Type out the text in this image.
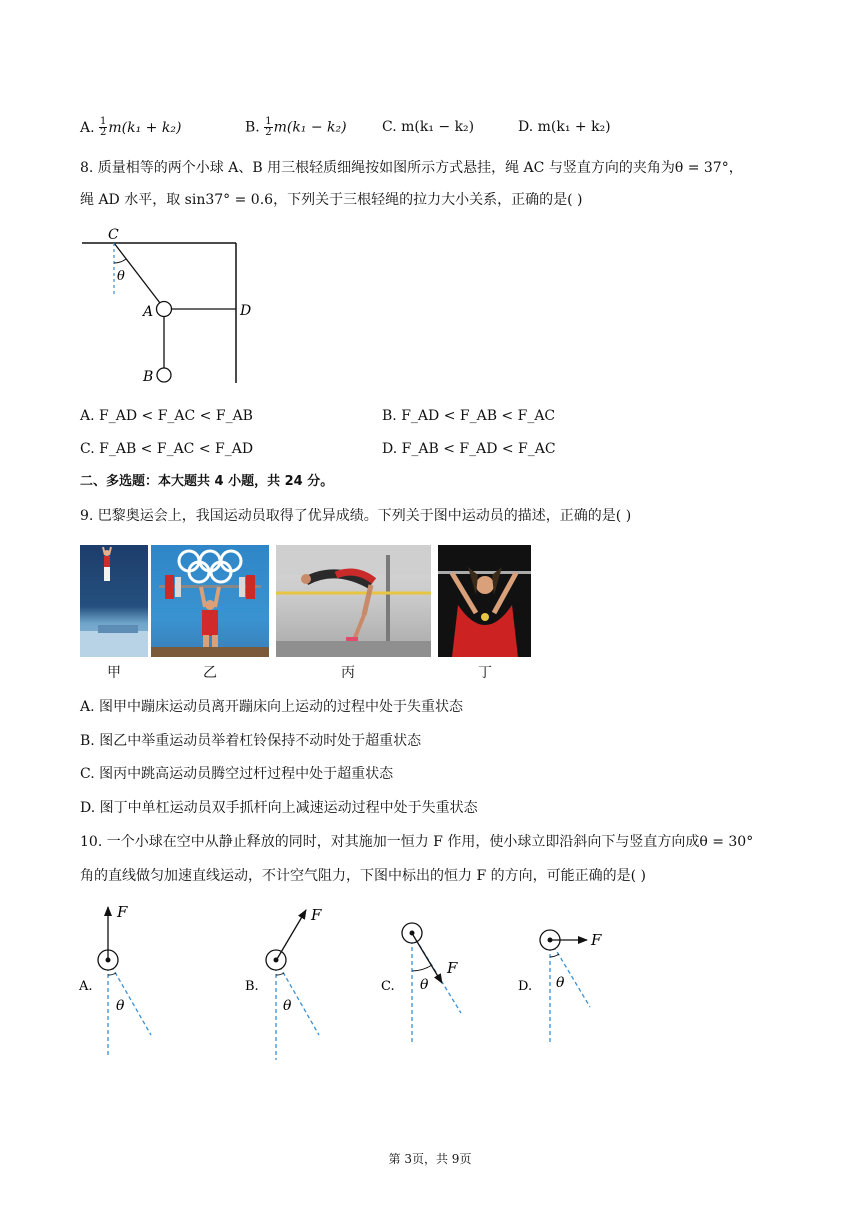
A. $\frac{1}{2} m(k_1 + k_2)$	B. $\frac{1}{2} m(k_1 - k_2)$	C. m(k₁ − k₂)	D. m(k₁ + k₂)
8. 质量相等的两个小球 A、B 用三根轻质细绳按如图所示方式悬挂，绳 AC 与竖直方向的夹角为θ = 37°，
绳 AD 水平，取 sin37° = 0.6，下列关于三根轻绳的拉力大小关系，正确的是( )
C
θ
A	D
B
A. F_AD < F_AC < F_AB	B. F_AD < F_AB < F_AC
C. F_AB < F_AC < F_AD	D. F_AB < F_AD < F_AC
二、多选题：本大题共 4 小题，共 24 分。
9. 巴黎奥运会上，我国运动员取得了优异成绩。下列关于图中运动员的描述，正确的是( )
甲	乙	丙	丁
A. 图甲中蹦床运动员离开蹦床向上运动的过程中处于失重状态
B. 图乙中举重运动员举着杠铃保持不动时处于超重状态
C. 图丙中跳高运动员腾空过杆过程中处于超重状态
D. 图丁中单杠运动员双手抓杆向上减速运动过程中处于失重状态
10. 一个小球在空中从静止释放的同时，对其施加一恒力 F 作用，使小球立即沿斜向下与竖直方向成θ = 30°
角的直线做匀加速直线运动，不计空气阻力，下图中标出的恒力 F 的方向，可能正确的是( )
F
θ
A.
F
θ
B.
F
θ
C.
F
θ
D.
第 3页，共 9页
